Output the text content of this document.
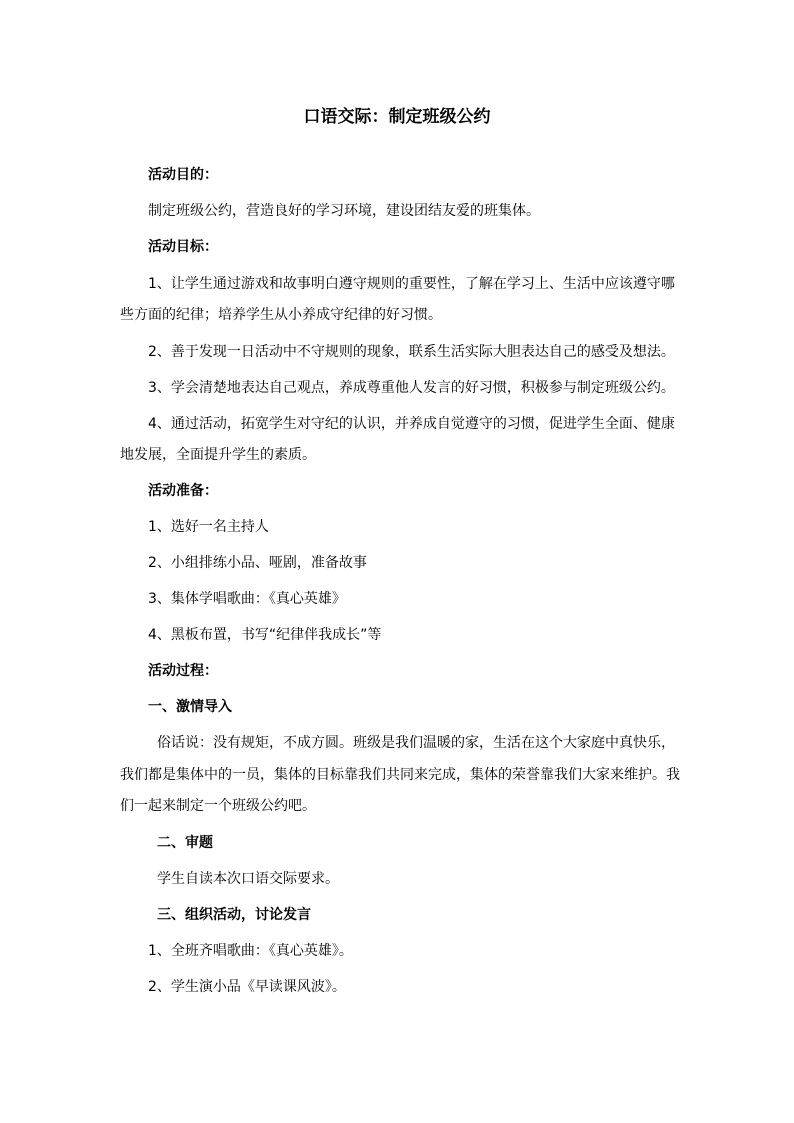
口语交际：制定班级公约
活动目的：
制定班级公约，营造良好的学习环境，建设团结友爱的班集体。
活动目标：
1、让学生通过游戏和故事明白遵守规则的重要性，了解在学习上、生活中应该遵守哪
些方面的纪律；培养学生从小养成守纪律的好习惯。
2、善于发现一日活动中不守规则的现象，联系生活实际大胆表达自己的感受及想法。
3、学会清楚地表达自己观点，养成尊重他人发言的好习惯，积极参与制定班级公约。
4、通过活动，拓宽学生对守纪的认识，并养成自觉遵守的习惯，促进学生全面、健康
地发展，全面提升学生的素质。
活动准备：
1、选好一名主持人
2、小组排练小品、哑剧，准备故事
3、集体学唱歌曲：《真心英雄》
4、黑板布置，书写“纪律伴我成长”等
活动过程：
一、激情导入
俗话说：没有规矩，不成方圆。班级是我们温暖的家，生活在这个大家庭中真快乐，
我们都是集体中的一员，集体的目标靠我们共同来完成，集体的荣誉靠我们大家来维护。我
们一起来制定一个班级公约吧。
二、审题
学生自读本次口语交际要求。
三、组织活动，讨论发言
1、全班齐唱歌曲：《真心英雄》。
2、学生演小品《早读课风波》。
